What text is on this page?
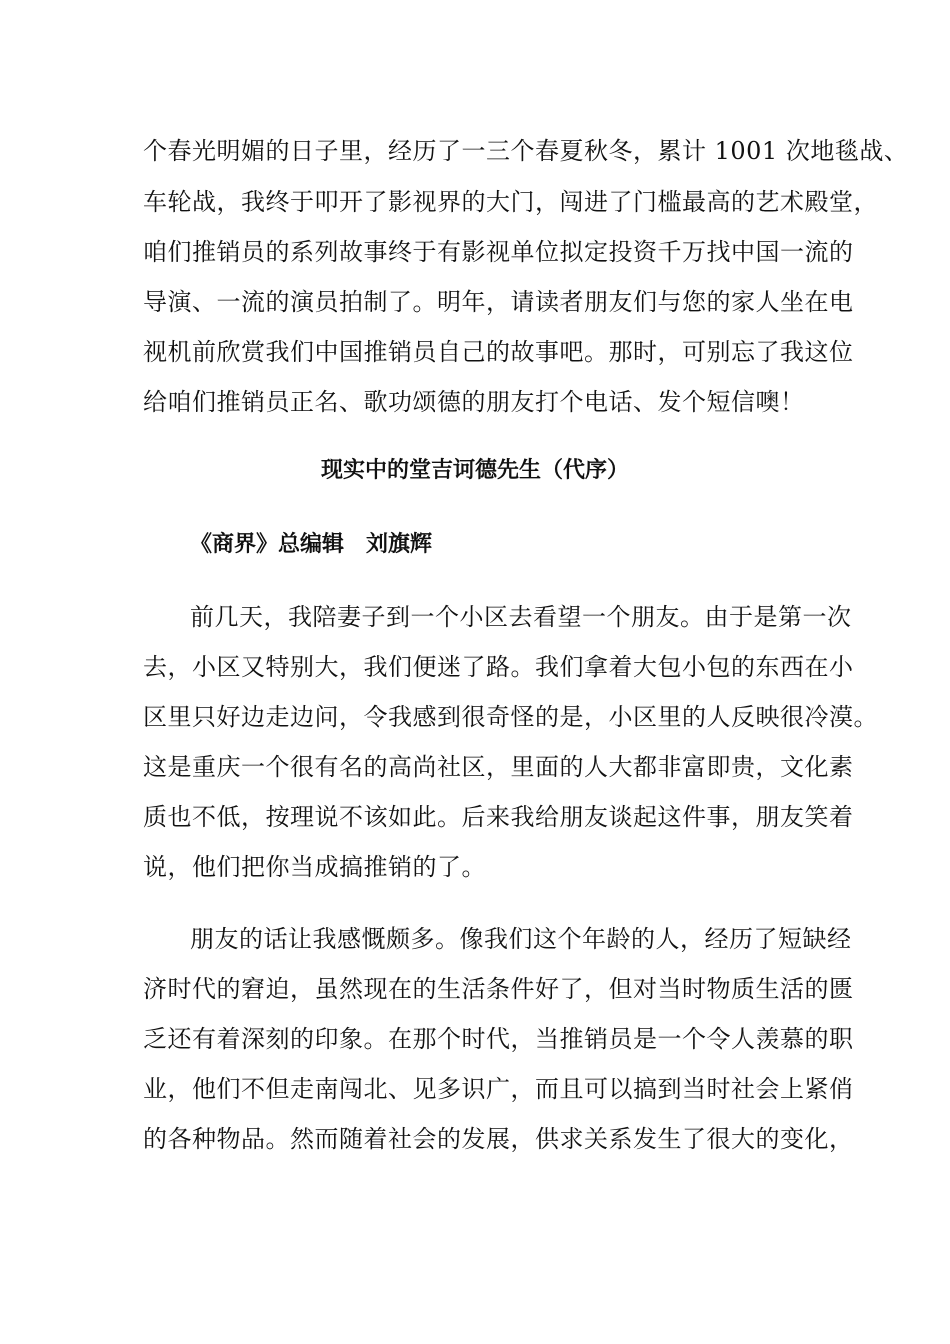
个春光明媚的日子里，经历了一三个春夏秋冬，累计 1001 次地毯战、
车轮战，我终于叩开了影视界的大门，闯进了门槛最高的艺术殿堂，
咱们推销员的系列故事终于有影视单位拟定投资千万找中国一流的
导演、一流的演员拍制了。明年，请读者朋友们与您的家人坐在电
视机前欣赏我们中国推销员自己的故事吧。那时，可别忘了我这位
给咱们推销员正名、歌功颂德的朋友打个电话、发个短信噢！
现实中的堂吉诃德先生（代序）
《商界》总编辑　刘旗辉
前几天，我陪妻子到一个小区去看望一个朋友。由于是第一次
去，小区又特别大，我们便迷了路。我们拿着大包小包的东西在小
区里只好边走边问，令我感到很奇怪的是，小区里的人反映很冷漠。
这是重庆一个很有名的高尚社区，里面的人大都非富即贵，文化素
质也不低，按理说不该如此。后来我给朋友谈起这件事，朋友笑着
说，他们把你当成搞推销的了。
朋友的话让我感慨颇多。像我们这个年龄的人，经历了短缺经
济时代的窘迫，虽然现在的生活条件好了，但对当时物质生活的匮
乏还有着深刻的印象。在那个时代，当推销员是一个令人羡慕的职
业，他们不但走南闯北、见多识广，而且可以搞到当时社会上紧俏
的各种物品。然而随着社会的发展，供求关系发生了很大的变化，
